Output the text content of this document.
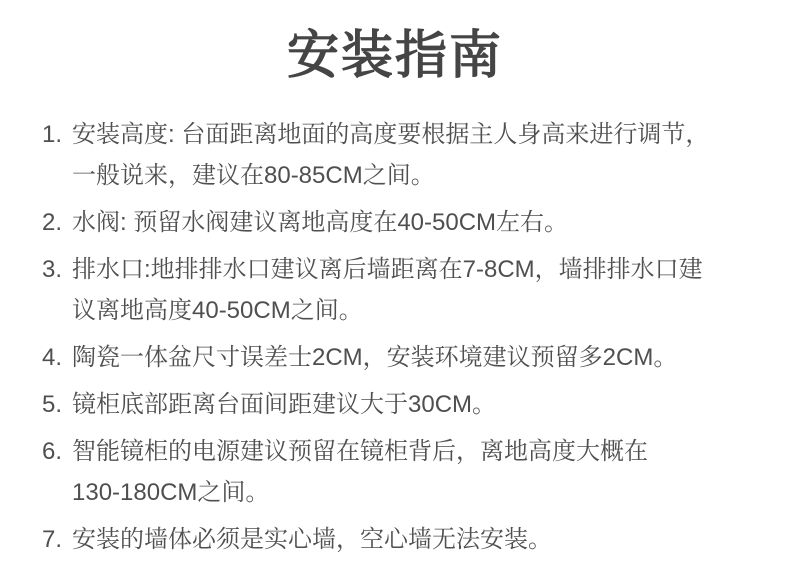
安装指南
1. 安装高度: 台面距离地面的高度要根据主人身高来进行调节，
一般说来，建议在80-85CM之间。
2. 水阀: 预留水阀建议离地高度在40-50CM左右。
3. 排水口:地排排水口建议离后墙距离在7-8CM，墙排排水口建
议离地高度40-50CM之间。
4. 陶瓷一体盆尺寸误差士2CM，安装环境建议预留多2CM。
5. 镜柜底部距离台面间距建议大于30CM。
6. 智能镜柜的电源建议预留在镜柜背后，离地高度大概在
130-180CM之间。
7. 安装的墙体必须是实心墙，空心墙无法安装。
